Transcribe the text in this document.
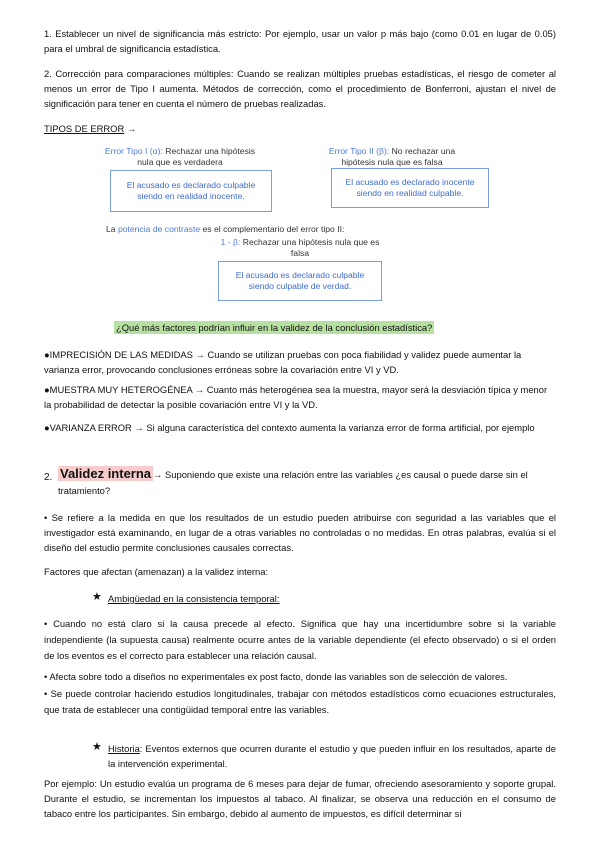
1. Establecer un nivel de significancia más estricto: Por ejemplo, usar un valor p más bajo (como 0.01 en lugar de 0.05) para el umbral de significancia estadística.
2. Corrección para comparaciones múltiples: Cuando se realizan múltiples pruebas estadísticas, el riesgo de cometer al menos un error de Tipo I aumenta. Métodos de corrección, como el procedimiento de Bonferroni, ajustan el nivel de significación para tener en cuenta el número de pruebas realizadas.
TIPOS DE ERROR →
Error Tipo I (α): Rechazar una hipótesis nula que es verdadera
El acusado es declarado culpable siendo en realidad inocente.
Error Tipo II (β): No rechazar una hipótesis nula que es falsa
El acusado es declarado inocente siendo en realidad culpable.
La potencia de contraste es el complementario del error tipo II:
1 - β: Rechazar una hipótesis nula que es falsa
El acusado es declarado culpable siendo culpable de verdad.
¿Qué más factores podrían influir en la validez de la conclusión estadística?
●IMPRECISIÓN DE LAS MEDIDAS → Cuando se utilizan pruebas con poca fiabilidad y validez puede aumentar la varianza error, provocando conclusiones erróneas sobre la covariación entre VI y VD.
●MUESTRA MUY HETEROGÉNEA → Cuanto más heterogénea sea la muestra, mayor será la desviación típica y menor la probabilidad de detectar la posible covariación entre VI y la VD.
●VARIANZA ERROR → Si alguna característica del contexto aumenta la varianza error de forma artificial, por ejemplo
2. Validez interna → Suponiendo que existe una relación entre las variables ¿es causal o puede darse sin el tratamiento?
• Se refiere a la medida en que los resultados de un estudio pueden atribuirse con seguridad a las variables que el investigador está examinando, en lugar de a otras variables no controladas o no medidas. En otras palabras, evalúa si el diseño del estudio permite conclusiones causales correctas.
Factores que afectan (amenazan) a la validez interna:
★ Ambigüedad en la consistencia temporal:
• Cuando no está claro si la causa precede al efecto. Significa que hay una incertidumbre sobre si la variable independiente (la supuesta causa) realmente ocurre antes de la variable dependiente (el efecto observado) o si el orden de los eventos es el correcto para establecer una relación causal.
• Afecta sobre todo a diseños no experimentales ex post facto, donde las variables son de selección de valores.
• Se puede controlar haciendo estudios longitudinales, trabajar con métodos estadísticos como ecuaciones estructurales, que trata de establecer una contigüidad temporal entre las variables.
★ Historia: Eventos externos que ocurren durante el estudio y que pueden influir en los resultados, aparte de la intervención experimental.
Por ejemplo: Un estudio evalúa un programa de 6 meses para dejar de fumar, ofreciendo asesoramiento y soporte grupal. Durante el estudio, se incrementan los impuestos al tabaco. Al finalizar, se observa una reducción en el consumo de tabaco entre los participantes. Sin embargo, debido al aumento de impuestos, es difícil determinar si
